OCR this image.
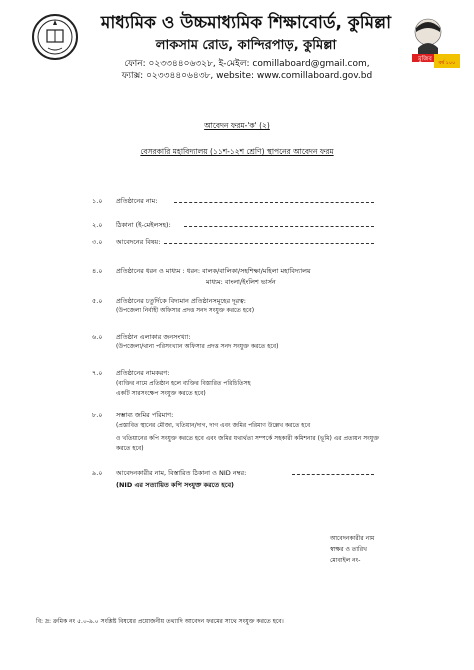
মাধ্যমিক ও উচ্চমাধ্যমিক শিক্ষাবোর্ড, কুমিল্লা
লাকসাম রোড, কান্দিরপাড়, কুমিল্লা
ফোন: ০২৩৩৪৪০৬৩২৮, ই-মেইল: comillaboard@gmail.com,
ফ্যাক্স: ০২৩৩৪৪০৬৪৩৮, website: www.comillaboard.gov.bd
মুজিব
বর্ষ ১০০
আবেদন ফরম-'ক' (২)
বেসরকারি মহাবিদ্যালয় (১১শ-১২শ শ্রেণি) স্থাপনের আবেদন ফরম
১.০	প্রতিষ্ঠানের নাম:
২.০	ঠিকানা (ই-মেইলসহ):
৩.০	আবেদনের বিষয়:
৪.০	প্রতিষ্ঠানের ধরন ও মাধ্যম : ধরন: বালক/বালিকা/সহশিক্ষা/মহিলা মহাবিদ্যালয়
মাধ্যম: বাংলা/ইংলিশ ভার্সন
৫.০	প্রতিষ্ঠানের চতুর্দিকে বিদ্যমান প্রতিষ্ঠানসমূহের দূরত্ব:
(উপজেলা নির্বাহী অফিসার প্রদত্ত সনদ সংযুক্ত করতে হবে)
৬.০	প্রতিষ্ঠান এলাকার জনসংখ্যা:
(উপজেলা/থানা পরিসংখ্যান অফিসার প্রদত্ত সনদ সংযুক্ত করতে হবে)
৭.০	প্রতিষ্ঠানের নামকরণ:
(ব্যক্তির নামে প্রতিষ্ঠান হলে ব্যক্তির বিস্তারিত পরিচিতিসহ
একটি সারসংক্ষেপ সংযুক্ত করতে হবে)
৮.০	সম্ভাব্য জমির পরিমাণ:
(প্রস্তাবিত স্থানের মৌজা, খতিয়ান/দাগ, দাগ এবং জমির পরিমাণ উল্লেখ করতে হবে
ও খতিয়ানের কপি সংযুক্ত করতে হবে এবং জমির যথার্থতা সম্পর্কে সহকারী কমিশনার (ভূমি) এর প্রত্যয়ন সংযুক্ত
করতে হবে)
৯.০	আবেদনকারীর নাম, বিস্তারিত ঠিকানা ও NID নম্বর:
(NID এর সত্যায়িত কপি সংযুক্ত করতে হবে)
আবেদনকারীর নাম
স্বাক্ষর ও তারিখ
মোবাইল নং-
বি: দ্র: ক্রমিক নং ৫.০-৯.০ সংশ্লিষ্ট বিষয়ের প্রয়োজনীয় তথ্যাদি আবেদন ফরমের সাথে সংযুক্ত করতে হবে।
